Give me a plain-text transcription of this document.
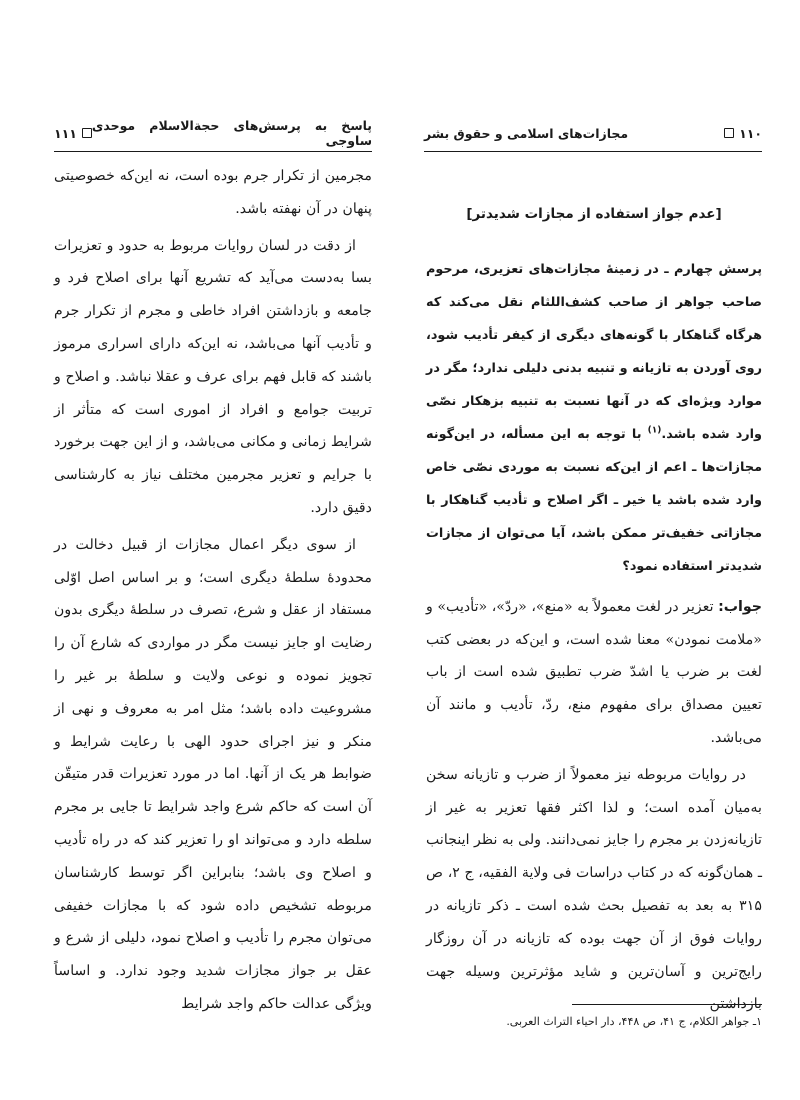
۱۱۰
مجازات‌های اسلامی و حقوق بشر
[عدم جواز استفاده از مجازات شدیدتر]

پرسش چهارم ـ در زمینهٔ مجازات‌های تعزیری، مرحوم صاحب جواهر از صاحب کشف‌اللثام نقل می‌کند که هرگاه گناهکار با گونه‌های دیگری از کیفر تأدیب شود، روی آوردن به تازیانه و تنبیه بدنی دلیلی ندارد؛ مگر در موارد ویژه‌ای که در آنها نسبت به تنبیه بزهکار نصّی وارد شده باشد.$^{(۱)}$ با توجه به این مسأله، در این‌گونه مجازات‌ها ـ اعم از این‌که نسبت به موردی نصّی خاص وارد شده باشد یا خیر ـ اگر اصلاح و تأدیب گناهکار با مجازاتی خفیف‌تر ممکن باشد، آیا می‌توان از مجازات شدیدتر استفاده نمود؟

جواب: تعزیر در لغت معمولاً به «منع»، «ردّ»، «تأدیب» و «ملامت نمودن» معنا شده است، و این‌که در بعضی کتب لغت بر ضرب یا اشدّ ضرب تطبیق شده است از باب تعیین مصداق برای مفهوم منع، ردّ، تأدیب و مانند آن می‌باشد.

در روایات مربوطه نیز معمولاً از ضرب و تازیانه سخن به‌میان آمده است؛ و لذا اکثر فقها تعزیر به غیر از تازیانه‌زدن بر مجرم را جایز نمی‌دانند. ولی به نظر اینجانب ـ همان‌گونه که در کتاب دراسات فی ولایة الفقیه، ج ۲، ص ۳۱۵ به بعد به تفصیل بحث شده است ـ ذکر تازیانه در روایات فوق از آن جهت بوده که تازیانه در آن روزگار رایج‌ترین و آسان‌ترین و شاید مؤثرترین وسیله جهت بازداشتن

۱ـ جواهر الکلام، ج ۴۱، ص ۴۴۸، دار احیاء التراث العربی.
پاسخ به پرسش‌های حجةالاسلام موحدی ساوجی
۱۱۱

مجرمین از تکرار جرم بوده است، نه این‌که خصوصیتی پنهان در آن نهفته باشد.

از دقت در لسان روایات مربوط به حدود و تعزیرات بسا به‌دست می‌آید که تشریع آنها برای اصلاح فرد و جامعه و بازداشتن افراد خاطی و مجرم از تکرار جرم و تأدیب آنها می‌باشد، نه این‌که دارای اسراری مرموز باشند که قابل فهم برای عرف و عقلا نباشد. و اصلاح و تربیت جوامع و افراد از اموری است که متأثر از شرایط زمانی و مکانی می‌باشد، و از این جهت برخورد با جرایم و تعزیر مجرمین مختلف نیاز به کارشناسی دقیق دارد.

از سوی دیگر اعمال مجازات از قبیل دخالت در محدودهٔ سلطهٔ دیگری است؛ و بر اساس اصل اوّلی مستفاد از عقل و شرع، تصرف در سلطهٔ دیگری بدون رضایت او جایز نیست مگر در مواردی که شارع آن را تجویز نموده و نوعی ولایت و سلطهٔ بر غیر را مشروعیت داده باشد؛ مثل امر به معروف و نهی از منکر و نیز اجرای حدود الهی با رعایت شرایط و ضوابط هر یک از آنها. اما در مورد تعزیرات قدر متیقّن آن است که حاکم شرع واجد شرایط تا جایی بر مجرم سلطه دارد و می‌تواند او را تعزیر کند که در راه تأدیب و اصلاح وی باشد؛ بنابراین اگر توسط کارشناسان مربوطه تشخیص داده شود که با مجازات خفیفی می‌توان مجرم را تأدیب و اصلاح نمود، دلیلی از شرع و عقل بر جواز مجازات شدید وجود ندارد. و اساساً ویژگی عدالت حاکم واجد شرایط
